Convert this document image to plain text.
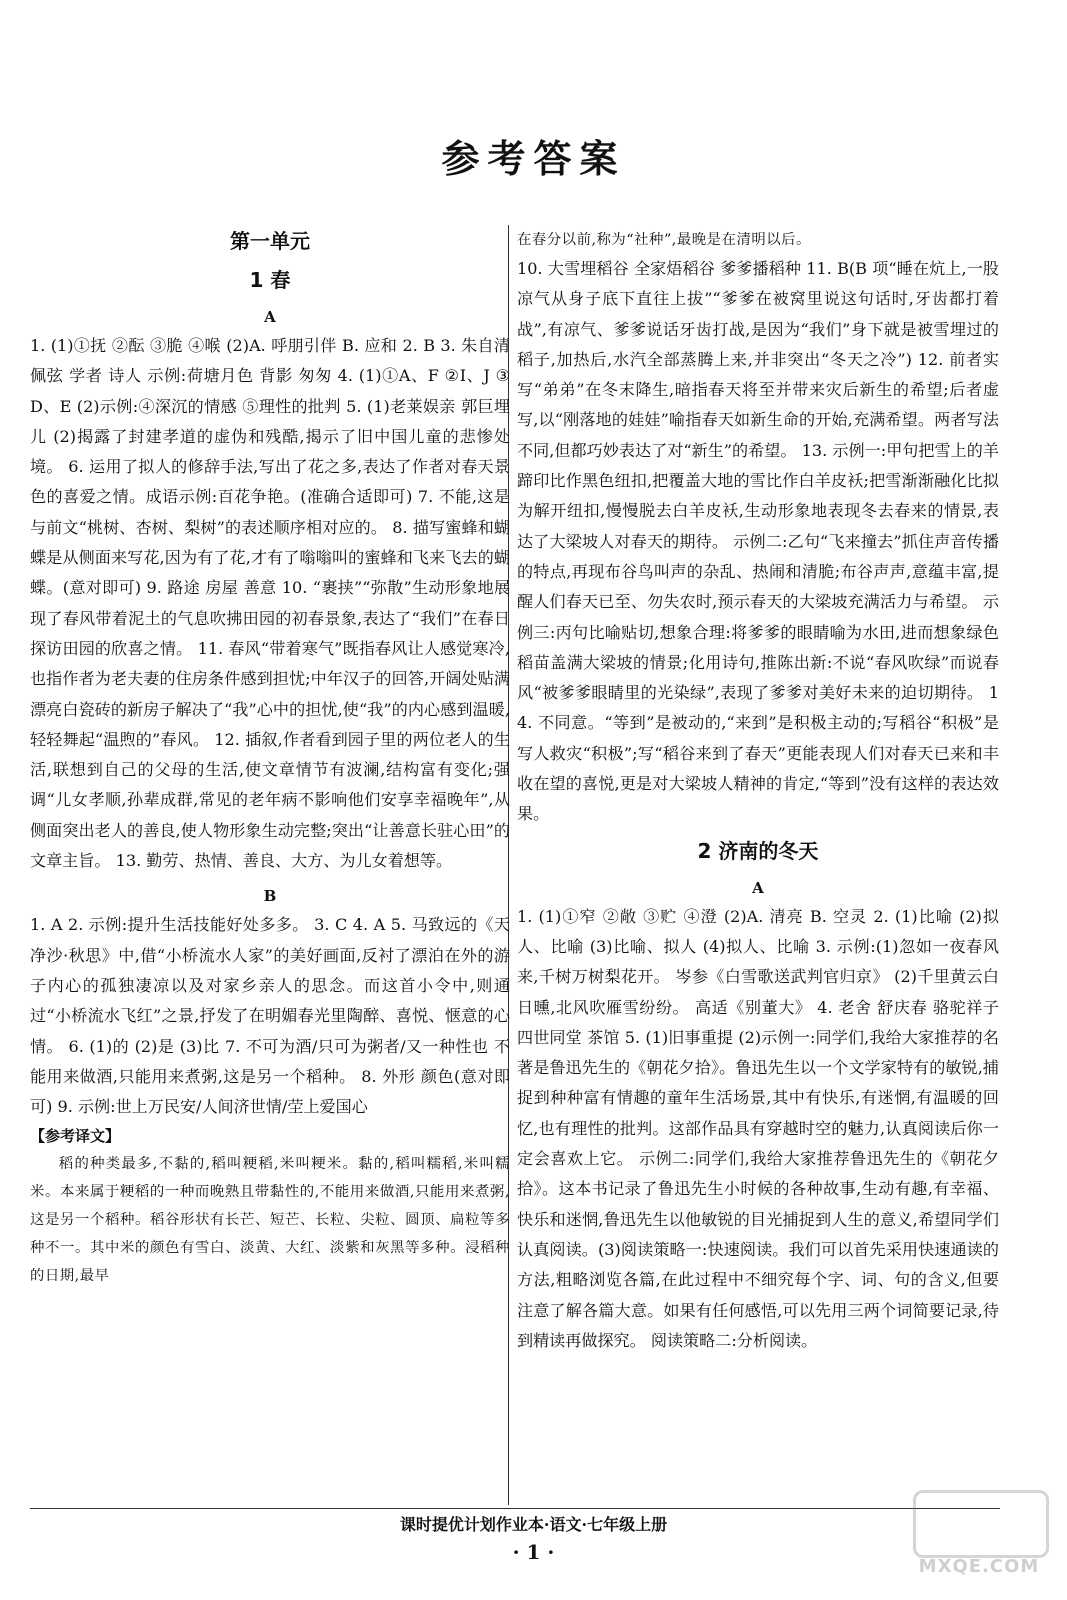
参考答案
第一单元
1 春
A

1. (1)①抚 ②酝 ③脆 ④喉 (2)A. 呼朋引伴 B. 应和 2. B 3. 朱自清 佩弦 学者 诗人 示例:荷塘月色 背影 匆匆 4. (1)①A、F ②I、J ③D、E (2)示例:④深沉的情感 ⑤理性的批判 5. (1)老莱娱亲 郭巨埋儿 (2)揭露了封建孝道的虚伪和残酷,揭示了旧中国儿童的悲惨处境。 6. 运用了拟人的修辞手法,写出了花之多,表达了作者对春天景色的喜爱之情。成语示例:百花争艳。(准确合适即可) 7. 不能,这是与前文“桃树、杏树、梨树”的表述顺序相对应的。 8. 描写蜜蜂和蝴蝶是从侧面来写花,因为有了花,才有了嗡嗡叫的蜜蜂和飞来飞去的蝴蝶。(意对即可) 9. 路途 房屋 善意 10. “裹挟”“弥散”生动形象地展现了春风带着泥土的气息吹拂田园的初春景象,表达了“我们”在春日探访田园的欣喜之情。 11. 春风“带着寒气”既指春风让人感觉寒冷,也指作者为老夫妻的住房条件感到担忧;中年汉子的回答,开阔处贴满漂亮白瓷砖的新房子解决了“我”心中的担忧,使“我”的内心感到温暖,轻轻舞起“温煦的”春风。 12. 插叙,作者看到园子里的两位老人的生活,联想到自己的父母的生活,使文章情节有波澜,结构富有变化;强调“儿女孝顺,孙辈成群,常见的老年病不影响他们安享幸福晚年”,从侧面突出老人的善良,使人物形象生动完整;突出“让善意长驻心田”的文章主旨。 13. 勤劳、热情、善良、大方、为儿女着想等。

B

1. A 2. 示例:提升生活技能好处多多。 3. C 4. A 5. 马致远的《天净沙·秋思》中,借“小桥流水人家”的美好画面,反衬了漂泊在外的游子内心的孤独凄凉以及对家乡亲人的思念。而这首小令中,则通过“小桥流水飞红”之景,抒发了在明媚春光里陶醉、喜悦、惬意的心情。 6. (1)的 (2)是 (3)比 7. 不可为酒/只可为粥者/又一种性也 不能用来做酒,只能用来煮粥,这是另一个稻种。 8. 外形 颜色(意对即可) 9. 示例:世上万民安/人间济世情/茔上爱国心

【参考译文】

稻的种类最多,不黏的,稻叫粳稻,米叫粳米。黏的,稻叫糯稻,米叫糯米。本来属于粳稻的一种而晚熟且带黏性的,不能用来做酒,只能用来煮粥,这是另一个稻种。稻谷形状有长芒、短芒、长粒、尖粒、圆顶、扁粒等多种不一。其中米的颜色有雪白、淡黄、大红、淡紫和灰黑等多种。浸稻种的日期,最早

在春分以前,称为“社种”,最晚是在清明以后。

10. 大雪埋稻谷 全家焐稻谷 爹爹播稻种 11. B(B 项“睡在炕上,一股凉气从身子底下直往上拔”“爹爹在被窝里说这句话时,牙齿都打着战”,有凉气、爹爹说话牙齿打战,是因为“我们”身下就是被雪埋过的稻子,加热后,水汽全部蒸腾上来,并非突出“冬天之冷”) 12. 前者实写“弟弟”在冬末降生,暗指春天将至并带来灾后新生的希望;后者虚写,以“刚落地的娃娃”喻指春天如新生命的开始,充满希望。两者写法不同,但都巧妙表达了对“新生”的希望。 13. 示例一:甲句把雪上的羊蹄印比作黑色纽扣,把覆盖大地的雪比作白羊皮袄;把雪渐渐融化比拟为解开纽扣,慢慢脱去白羊皮袄,生动形象地表现冬去春来的情景,表达了大梁坡人对春天的期待。 示例二:乙句“飞来撞去”抓住声音传播的特点,再现布谷鸟叫声的杂乱、热闹和清脆;布谷声声,意蕴丰富,提醒人们春天已至、勿失农时,预示春天的大梁坡充满活力与希望。 示例三:丙句比喻贴切,想象合理:将爹爹的眼睛喻为水田,进而想象绿色稻苗盖满大梁坡的情景;化用诗句,推陈出新:不说“春风吹绿”而说春风“被爹爹眼睛里的光染绿”,表现了爹爹对美好未来的迫切期待。 14. 不同意。“等到”是被动的,“来到”是积极主动的;写稻谷“积极”是写人救灾“积极”;写“稻谷来到了春天”更能表现人们对春天已来和丰收在望的喜悦,更是对大梁坡人精神的肯定,“等到”没有这样的表达效果。

2 济南的冬天
A

1. (1)①窄 ②敞 ③贮 ④澄 (2)A. 清亮 B. 空灵 2. (1)比喻 (2)拟人、比喻 (3)比喻、拟人 (4)拟人、比喻 3. 示例:(1)忽如一夜春风来,千树万树梨花开。 岑参《白雪歌送武判官归京》 (2)千里黄云白日曛,北风吹雁雪纷纷。 高适《别董大》 4. 老舍 舒庆春 骆驼祥子 四世同堂 茶馆 5. (1)旧事重提 (2)示例一:同学们,我给大家推荐的名著是鲁迅先生的《朝花夕拾》。鲁迅先生以一个文学家特有的敏锐,捕捉到种种富有情趣的童年生活场景,其中有快乐,有迷惘,有温暖的回忆,也有理性的批判。这部作品具有穿越时空的魅力,认真阅读后你一定会喜欢上它。 示例二:同学们,我给大家推荐鲁迅先生的《朝花夕拾》。这本书记录了鲁迅先生小时候的各种故事,生动有趣,有幸福、快乐和迷惘,鲁迅先生以他敏锐的目光捕捉到人生的意义,希望同学们认真阅读。(3)阅读策略一:快速阅读。我们可以首先采用快速通读的方法,粗略浏览各篇,在此过程中不细究每个字、词、句的含义,但要注意了解各篇大意。如果有任何感悟,可以先用三两个词简要记录,待到精读再做探究。 阅读策略二:分析阅读。

课时提优计划作业本·语文·七年级上册
· 1 ·
MXQE.COM
